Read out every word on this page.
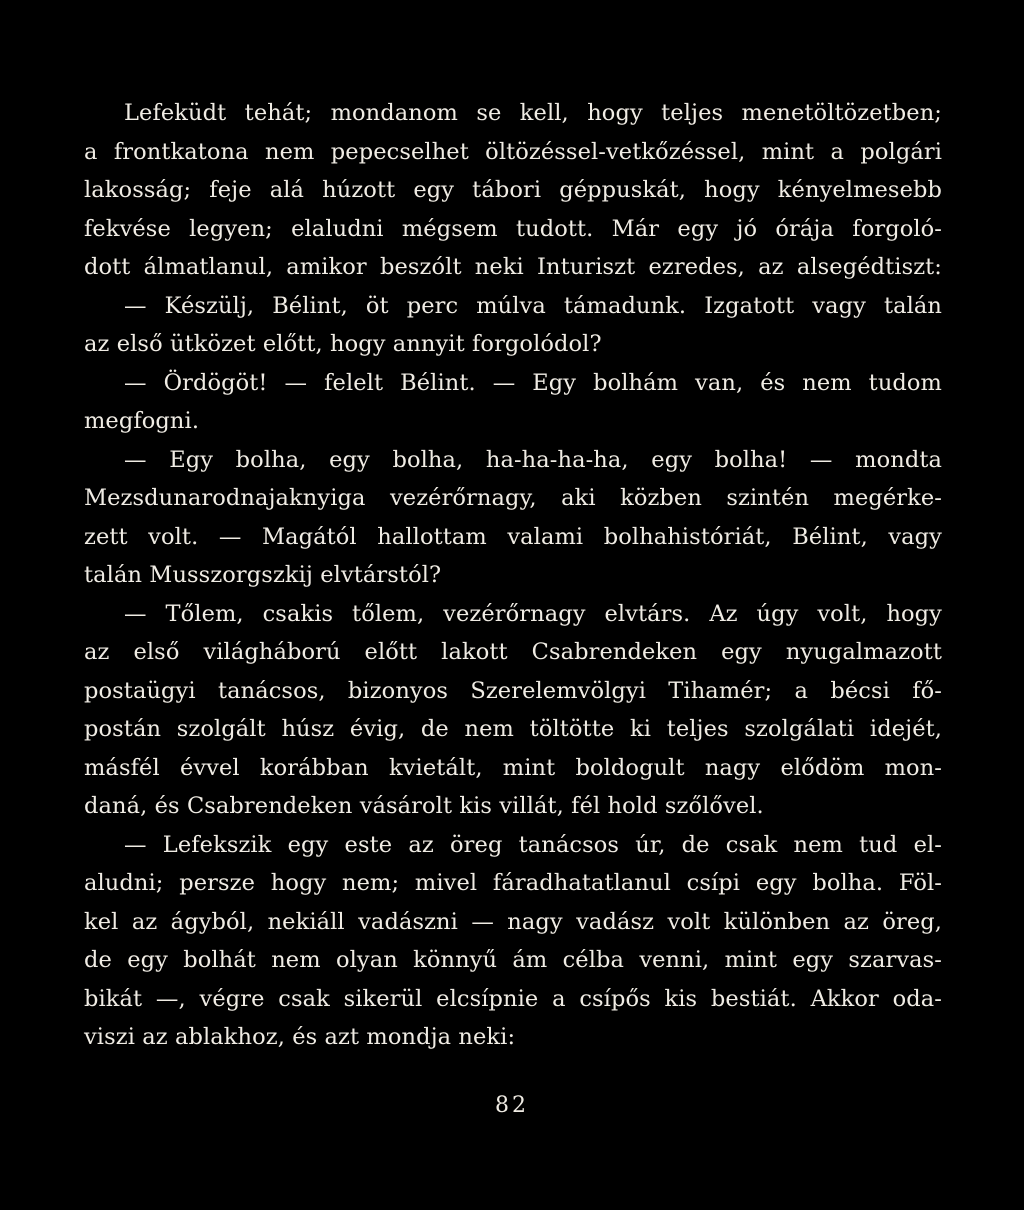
Lefeküdt tehát; mondanom se kell, hogy teljes menetöltözetben;
a frontkatona nem pepecselhet öltözéssel-vetkőzéssel, mint a polgári
lakosság; feje alá húzott egy tábori géppuskát, hogy kényelmesebb
fekvése legyen; elaludni mégsem tudott. Már egy jó órája forgoló-
dott álmatlanul, amikor beszólt neki Inturiszt ezredes, az alsegédtiszt:
— Készülj, Bélint, öt perc múlva támadunk. Izgatott vagy talán
az első ütközet előtt, hogy annyit forgolódol?
— Ördögöt! — felelt Bélint. — Egy bolhám van, és nem tudom
megfogni.
— Egy bolha, egy bolha, ha-ha-ha-ha, egy bolha! — mondta
Mezsdunarodnajaknyiga vezérőrnagy, aki közben szintén megérke-
zett volt. — Magától hallottam valami bolhahistóriát, Bélint, vagy
talán Musszorgszkij elvtárstól?
— Tőlem, csakis tőlem, vezérőrnagy elvtárs. Az úgy volt, hogy
az első világháború előtt lakott Csabrendeken egy nyugalmazott
postaügyi tanácsos, bizonyos Szerelemvölgyi Tihamér; a bécsi fő-
postán szolgált húsz évig, de nem töltötte ki teljes szolgálati idejét,
másfél évvel korábban kvietált, mint boldogult nagy elődöm mon-
daná, és Csabrendeken vásárolt kis villát, fél hold szőlővel.
— Lefekszik egy este az öreg tanácsos úr, de csak nem tud el-
aludni; persze hogy nem; mivel fáradhatatlanul csípi egy bolha. Föl-
kel az ágyból, nekiáll vadászni — nagy vadász volt különben az öreg,
de egy bolhát nem olyan könnyű ám célba venni, mint egy szarvas-
bikát —, végre csak sikerül elcsípnie a csípős kis bestiát. Akkor oda-
viszi az ablakhoz, és azt mondja neki:
82
